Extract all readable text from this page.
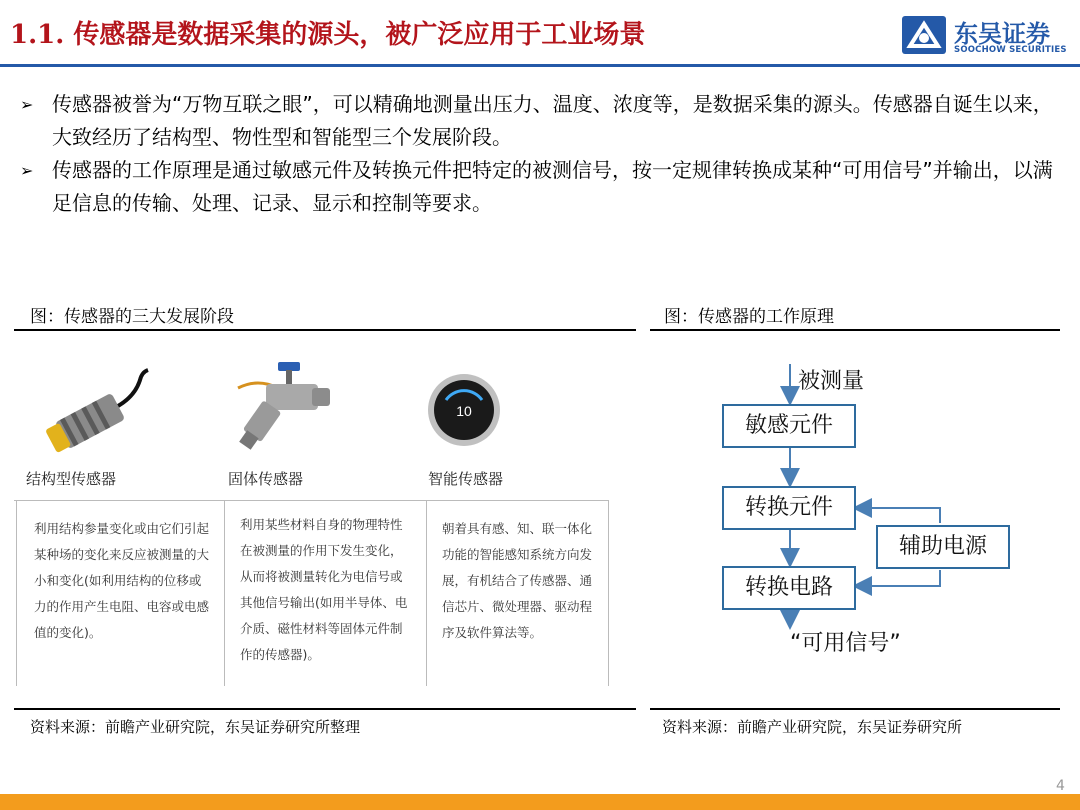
1.1. 传感器是数据采集的源头，被广泛应用于工业场景	东吴证券
SOOCHOW SECURITIES
➢ 传感器被誉为“万物互联之眼”，可以精确地测量出压力、温度、浓度等，是数据采集的源头。传感器自诞生以来，大致经历了结构型、物性型和智能型三个发展阶段。
➢ 传感器的工作原理是通过敏感元件及转换元件把特定的被测信号，按一定规律转换成某种“可用信号”并输出，以满足信息的传输、处理、记录、显示和控制等要求。
图：传感器的三大发展阶段
10
结构型传感器	固体传感器	智能传感器
利用结构参量变化或由它们引起某种场的变化来反应被测量的大小和变化(如利用结构的位移或力的作用产生电阻、电容或电感值的变化)。
利用某些材料自身的物理特性在被测量的作用下发生变化，从而将被测量转化为电信号或其他信号输出(如用半导体、电介质、磁性材料等固体元件制作的传感器)。
朝着具有感、知、联一体化功能的智能感知系统方向发展，有机结合了传感器、通信芯片、微处理器、驱动程序及软件算法等。
资料来源：前瞻产业研究院，东吴证券研究所整理
图：传感器的工作原理
被测量
敏感元件
转换元件
辅助电源
转换电路
“可用信号”
资料来源：前瞻产业研究院，东吴证券研究所
4
